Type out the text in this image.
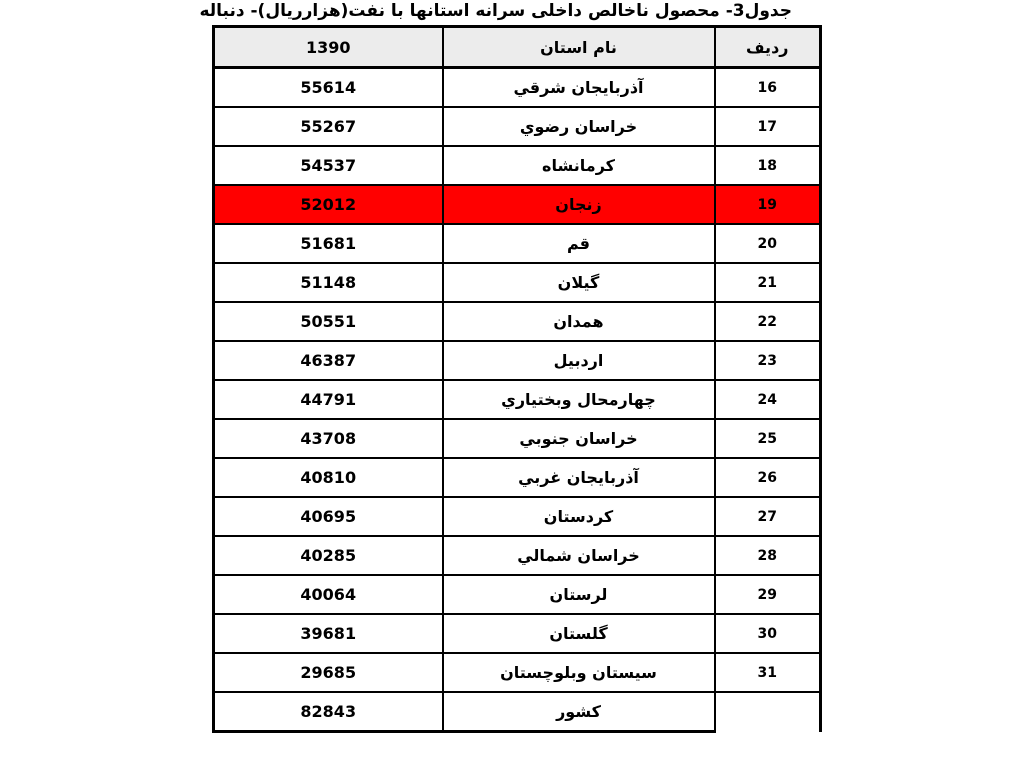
جدول3- محصول ناخالص داخلی سرانه استانها با نفت(هزارریال)- دنباله
رديف	نام استان	1390
16	آذربايجان شرقي	55614
17	خراسان رضوي	55267
18	كرمانشاه	54537
19	زنجان	52012
20	قم	51681
21	گيلان	51148
22	همدان	50551
23	اردبيل	46387
24	چهارمحال وبختياري	44791
25	خراسان جنوبي	43708
26	آذربايجان غربي	40810
27	كردستان	40695
28	خراسان شمالي	40285
29	لرستان	40064
30	گلستان	39681
31	سيستان وبلوچستان	29685
	كشور	82843
